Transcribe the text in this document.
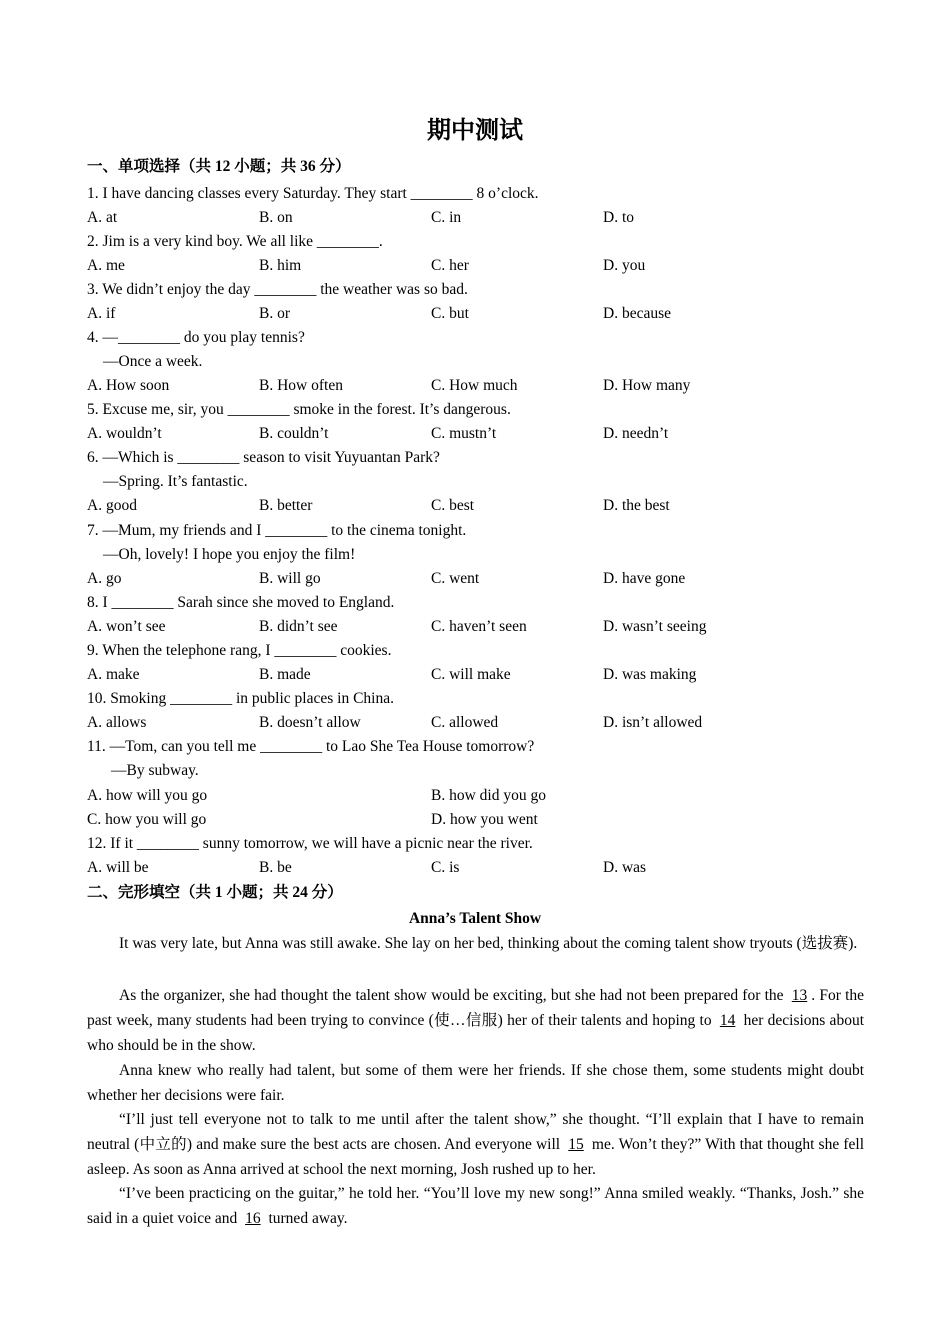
期中测试
一、单项选择（共 12 小题；共 36 分）
1. I have dancing classes every Saturday. They start ________ 8 o’clock.
A. at	B. on	C. in	D. to
2. Jim is a very kind boy. We all like ________.
A. me	B. him	C. her	D. you
3. We didn’t enjoy the day ________ the weather was so bad.
A. if	B. or	C. but	D. because
4. —________ do you play tennis?
—Once a week.
A. How soon	B. How often	C. How much	D. How many
5. Excuse me, sir, you ________ smoke in the forest. It’s dangerous.
A. wouldn’t	B. couldn’t	C. mustn’t	D. needn’t
6. —Which is ________ season to visit Yuyuantan Park?
—Spring. It’s fantastic.
A. good	B. better	C. best	D. the best
7. —Mum, my friends and I ________ to the cinema tonight.
—Oh, lovely! I hope you enjoy the film!
A. go	B. will go	C. went	D. have gone
8. I ________ Sarah since she moved to England.
A. won’t see	B. didn’t see	C. haven’t seen	D. wasn’t seeing
9. When the telephone rang, I ________ cookies.
A. make	B. made	C. will make	D. was making
10. Smoking ________ in public places in China.
A. allows	B. doesn’t allow	C. allowed	D. isn’t allowed
11. —Tom, can you tell me ________ to Lao She Tea House tomorrow?
—By subway.
A. how will you go	B. how did you go
C. how you will go	D. how you went
12. If it ________ sunny tomorrow, we will have a picnic near the river.
A. will be	B. be	C. is	D. was
二、完形填空（共 1 小题；共 24 分）
Anna’s Talent Show
It was very late, but Anna was still awake. She lay on her bed, thinking about the coming talent show tryouts (选拔赛).
As the organizer, she had thought the talent show would be exciting, but she had not been prepared for the 13 . For the past week, many students had been trying to convince (使…信服) her of their talents and hoping to 14 her decisions about who should be in the show.
Anna knew who really had talent, but some of them were her friends. If she chose them, some students might doubt whether her decisions were fair.
“I’ll just tell everyone not to talk to me until after the talent show,” she thought. “I’ll explain that I have to remain neutral (中立的) and make sure the best acts are chosen. And everyone will 15 me. Won’t they?” With that thought she fell asleep. As soon as Anna arrived at school the next morning, Josh rushed up to her.
“I’ve been practicing on the guitar,” he told her. “You’ll love my new song!” Anna smiled weakly. “Thanks, Josh.” she said in a quiet voice and 16 turned away.
